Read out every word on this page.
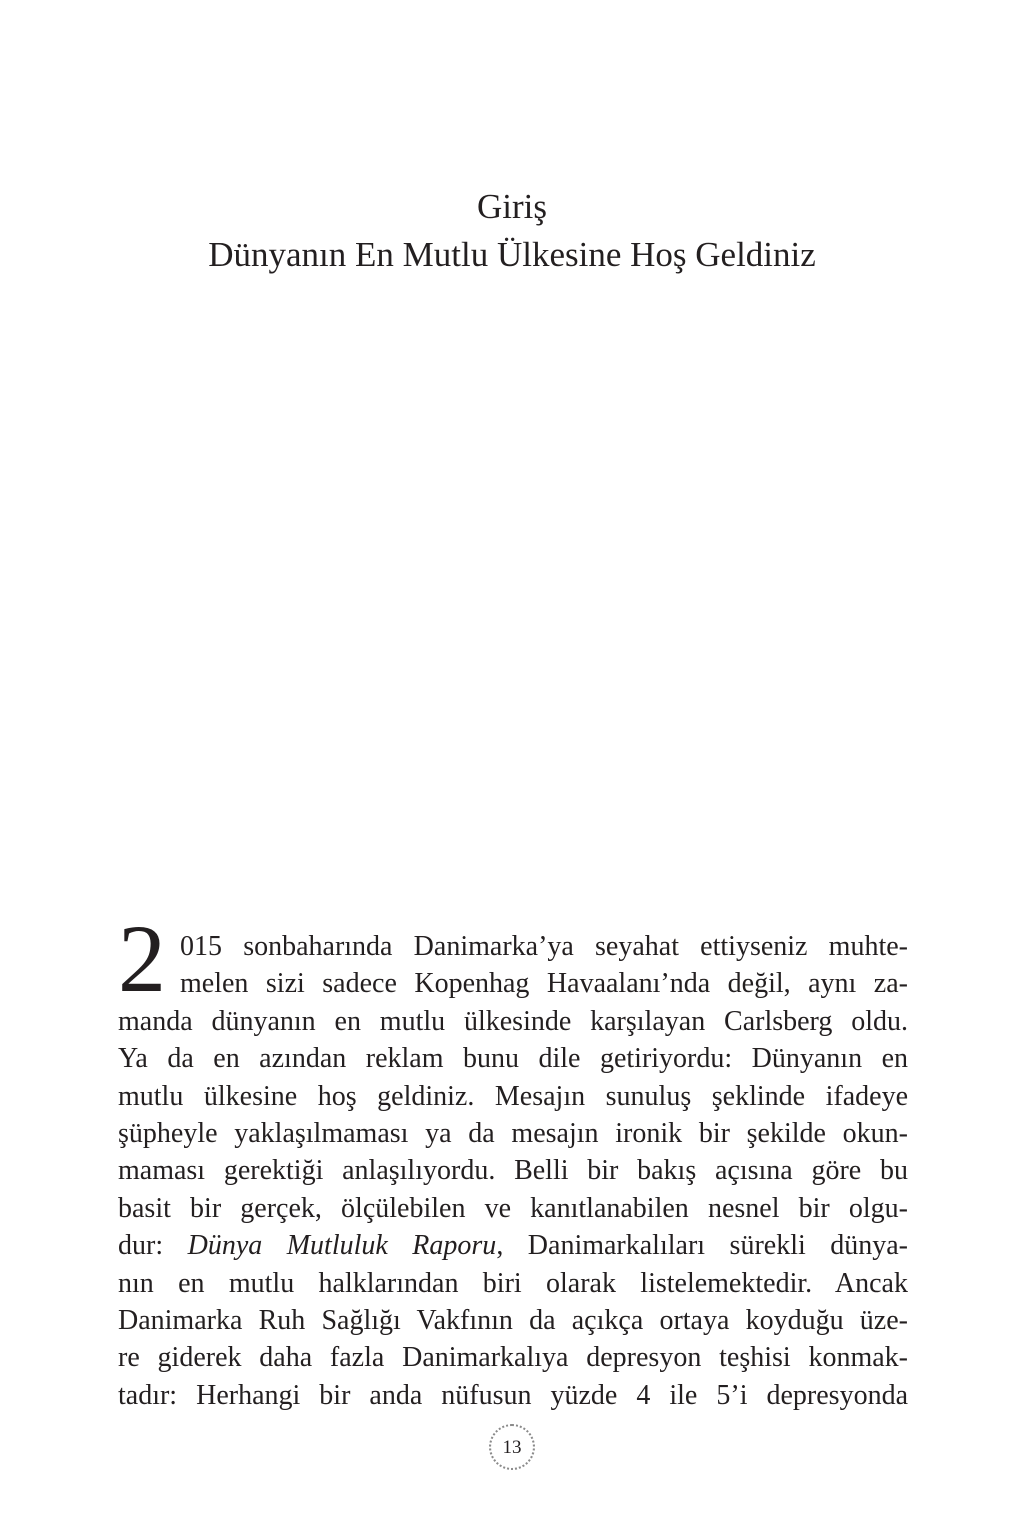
Giriş
Dünyanın En Mutlu Ülkesine Hoş Geldiniz
2 015 sonbaharında Danimarka’ya seyahat ettiyseniz muhte-
melen sizi sadece Kopenhag Havaalanı’nda değil, aynı za-
manda dünyanın en mutlu ülkesinde karşılayan Carlsberg oldu.
Ya da en azından reklam bunu dile getiriyordu: Dünyanın en
mutlu ülkesine hoş geldiniz. Mesajın sunuluş şeklinde ifadeye
şüpheyle yaklaşılmaması ya da mesajın ironik bir şekilde okun-
maması gerektiği anlaşılıyordu. Belli bir bakış açısına göre bu
basit bir gerçek, ölçülebilen ve kanıtlanabilen nesnel bir olgu-
dur: Dünya Mutluluk Raporu, Danimarkalıları sürekli dünya-
nın en mutlu halklarından biri olarak listelemektedir. Ancak
Danimarka Ruh Sağlığı Vakfının da açıkça ortaya koyduğu üze-
re giderek daha fazla Danimarkalıya depresyon teşhisi konmak-
tadır: Herhangi bir anda nüfusun yüzde 4 ile 5’i depresyonda
13
